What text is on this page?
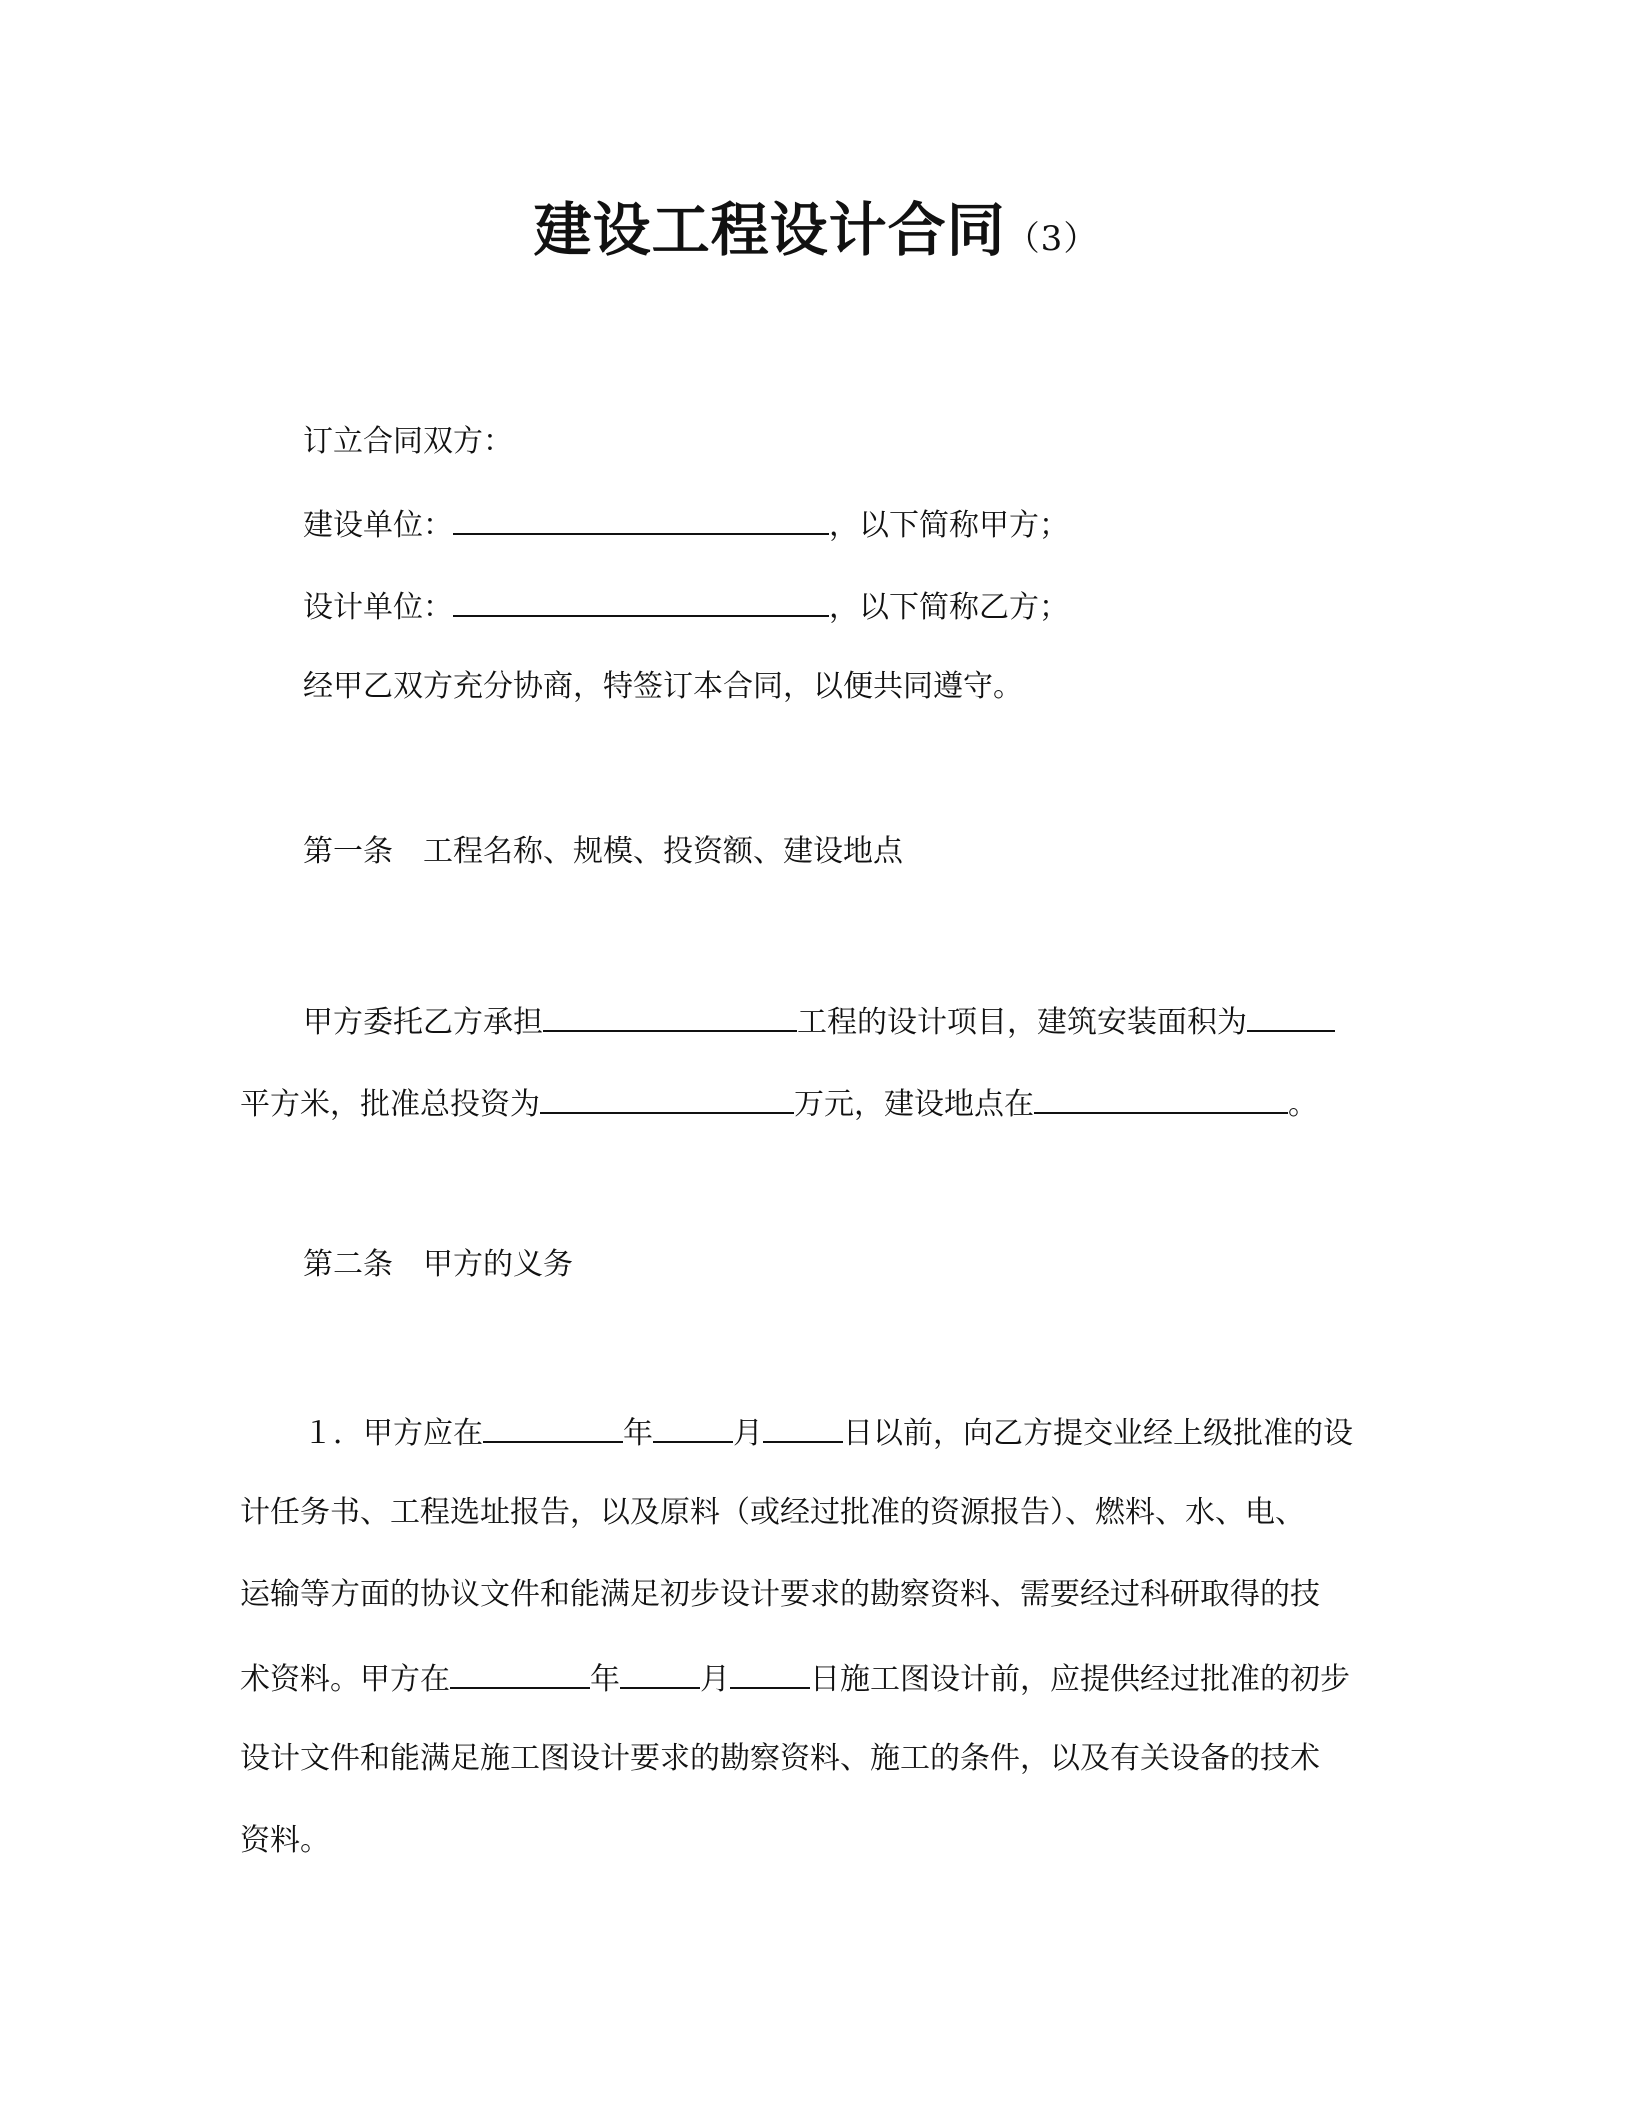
建设工程设计合同（3）
订立合同双方：
建设单位：	，以下简称甲方；
设计单位：	，以下简称乙方；
经甲乙双方充分协商，特签订本合同，以便共同遵守。
第一条 工程名称、规模、投资额、建设地点
甲方委托乙方承担	工程的设计项目，建筑安装面积为
平方米，批准总投资为	万元，建设地点在	。
第二条 甲方的义务
１．甲方应在	年	月	日以前，向乙方提交业经上级批准的设
计任务书、工程选址报告，以及原料（或经过批准的资源报告）、燃料、水、电、
运输等方面的协议文件和能满足初步设计要求的勘察资料、需要经过科研取得的技
术资料。甲方在	年	月	日施工图设计前，应提供经过批准的初步
设计文件和能满足施工图设计要求的勘察资料、施工的条件，以及有关设备的技术
资料。
